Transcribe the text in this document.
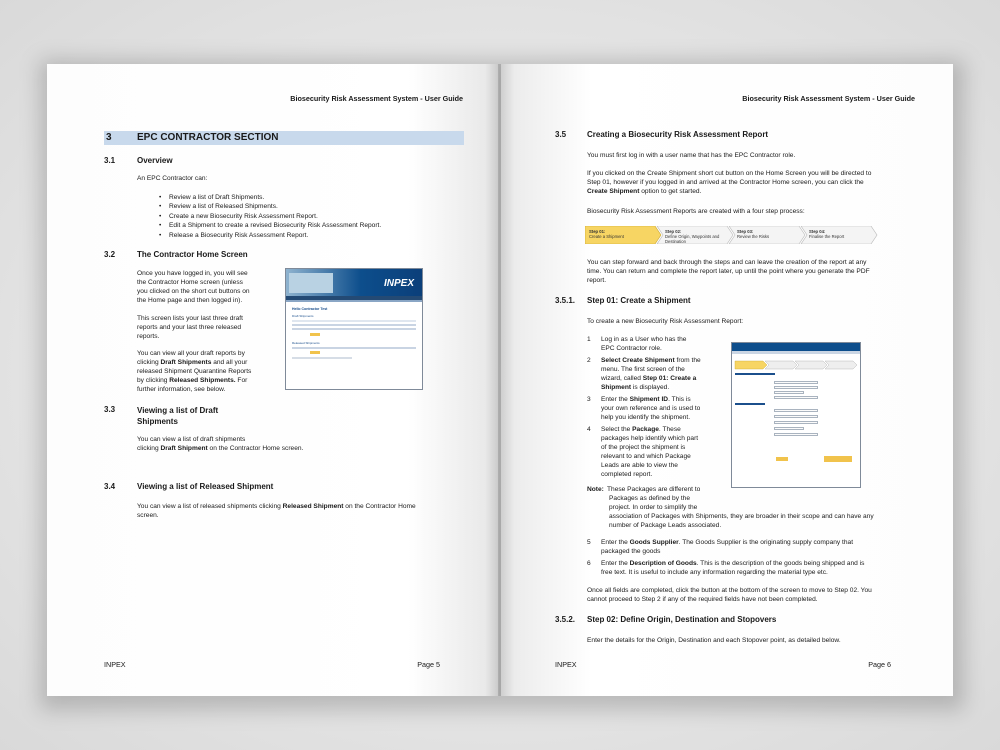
Biosecurity Risk Assessment System - User Guide
3	EPC CONTRACTOR SECTION
3.1	Overview
An EPC Contractor can:
• Review a list of Draft Shipments.
• Review a list of Released Shipments.
• Create a new Biosecurity Risk Assessment Report.
• Edit a Shipment to create a revised Biosecurity Risk Assessment Report.
• Release a Biosecurity Risk Assessment Report.
3.2	The Contractor Home Screen
Once you have logged in, you will see
the Contractor Home screen (unless
you clicked on the short cut buttons on
the Home page and then logged in).
This screen lists your last three draft
reports and your last three released
reports.
You can view all your draft reports by
clicking Draft Shipments and all your
released Shipment Quarantine Reports
by clicking Released Shipments. For
further information, see below.
INPEX
Hello Contractor Test
Draft Shipments
Released Shipments
3.3	Viewing a list of Draft
Shipments
You can view a list of draft shipments
clicking Draft Shipment on the Contractor Home screen.
3.4	Viewing a list of Released Shipment
You can view a list of released shipments clicking Released Shipment on the Contractor Home
screen.
INPEX	Page 5
Biosecurity Risk Assessment System - User Guide
3.5	Creating a Biosecurity Risk Assessment Report
You must first log in with a user name that has the EPC Contractor role.
If you clicked on the Create Shipment short cut button on the Home Screen you will be directed to
Step 01, however if you logged in and arrived at the Contractor Home screen, you can click the
Create Shipment option to get started.
Biosecurity Risk Assessment Reports are created with a four step process:
Step 01:
Create a Shipment
Step 02:
Define Origin, Waypoints and Destination
Step 03:
Review the Risks
Step 04:
Finalise the Report
You can step forward and back through the steps and can leave the creation of the report at any
time. You can return and complete the report later, up until the point where you generate the PDF
report.
3.5.1. Step 01: Create a Shipment
To create a new Biosecurity Risk Assessment Report:
1 Log in as a User who has the
EPC Contractor role.
2 Select Create Shipment from the
menu. The first screen of the
wizard, called Step 01: Create a
Shipment is displayed.
3 Enter the Shipment ID. This is
your own reference and is used to
help you identify the shipment.
4 Select the Package. These
packages help identify which part
of the project the shipment is
relevant to and which Package
Leads are able to view the
completed report.
Note: These Packages are different to
Packages as defined by the
project. In order to simplify the
association of Packages with Shipments, they are broader in their scope and can have any
number of Package Leads associated.
5 Enter the Goods Supplier. The Goods Supplier is the originating supply company that
packaged the goods
6 Enter the Description of Goods. This is the description of the goods being shipped and is
free text. It is useful to include any information regarding the material type etc.
Once all fields are completed, click the button at the bottom of the screen to move to Step 02. You
cannot proceed to Step 2 if any of the required fields have not been completed.
3.5.2. Step 02: Define Origin, Destination and Stopovers
Enter the details for the Origin, Destination and each Stopover point, as detailed below.
INPEX	Page 6
